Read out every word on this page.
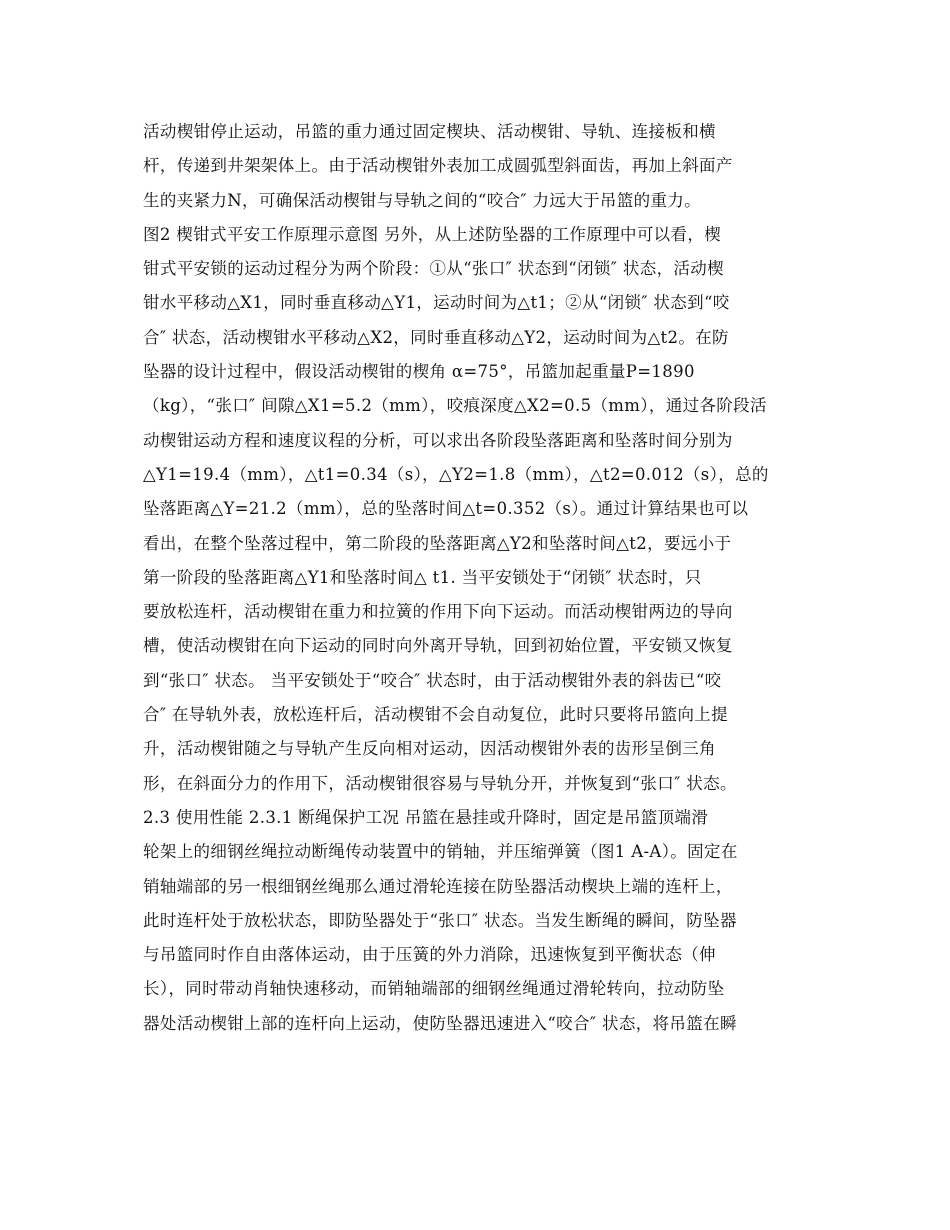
活动楔钳停止运动，吊篮的重力通过固定楔块、活动楔钳、导轨、连接板和横
杆，传递到井架架体上。由于活动楔钳外表加工成圆弧型斜面齿，再加上斜面产
生的夹紧力N，可确保活动楔钳与导轨之间的“咬合″ 力远大于吊篮的重力。
图2 楔钳式平安工作原理示意图 另外，从上述防坠器的工作原理中可以看，楔
钳式平安锁的运动过程分为两个阶段：①从“张口″ 状态到“闭锁″ 状态，活动楔
钳水平移动△X1，同时垂直移动△Y1，运动时间为△t1；②从“闭锁″ 状态到“咬
合″ 状态，活动楔钳水平移动△X2，同时垂直移动△Y2，运动时间为△t2。在防
坠器的设计过程中，假设活动楔钳的楔角 α=75°，吊篮加起重量P=1890
（kg），“张口″ 间隙△X1=5.2（mm），咬痕深度△X2=0.5（mm），通过各阶段活
动楔钳运动方程和速度议程的分析，可以求出各阶段坠落距离和坠落时间分别为
△Y1=19.4（mm），△t1=0.34（s），△Y2=1.8（mm），△t2=0.012（s），总的
坠落距离△Y=21.2（mm），总的坠落时间△t=0.352（s）。通过计算结果也可以
看出，在整个坠落过程中，第二阶段的坠落距离△Y2和坠落时间△t2，要远小于
第一阶段的坠落距离△Y1和坠落时间△ t1. 当平安锁处于“闭锁″ 状态时，只
要放松连杆，活动楔钳在重力和拉簧的作用下向下运动。而活动楔钳两边的导向
槽，使活动楔钳在向下运动的同时向外离开导轨，回到初始位置，平安锁又恢复
到“张口″ 状态。 当平安锁处于“咬合″ 状态时，由于活动楔钳外表的斜齿已“咬
合″ 在导轨外表，放松连杆后，活动楔钳不会自动复位，此时只要将吊篮向上提
升，活动楔钳随之与导轨产生反向相对运动，因活动楔钳外表的齿形呈倒三角
形，在斜面分力的作用下，活动楔钳很容易与导轨分开，并恢复到“张口″ 状态。
2.3 使用性能 2.3.1 断绳保护工况 吊篮在悬挂或升降时，固定是吊篮顶端滑
轮架上的细钢丝绳拉动断绳传动装置中的销轴，并压缩弹簧（图1 A-A）。固定在
销轴端部的另一根细钢丝绳那么通过滑轮连接在防坠器活动楔块上端的连杆上，
此时连杆处于放松状态，即防坠器处于“张口″ 状态。当发生断绳的瞬间，防坠器
与吊篮同时作自由落体运动，由于压簧的外力消除，迅速恢复到平衡状态（伸
长），同时带动肖轴快速移动，而销轴端部的细钢丝绳通过滑轮转向，拉动防坠
器处活动楔钳上部的连杆向上运动，使防坠器迅速进入“咬合″ 状态，将吊篮在瞬
